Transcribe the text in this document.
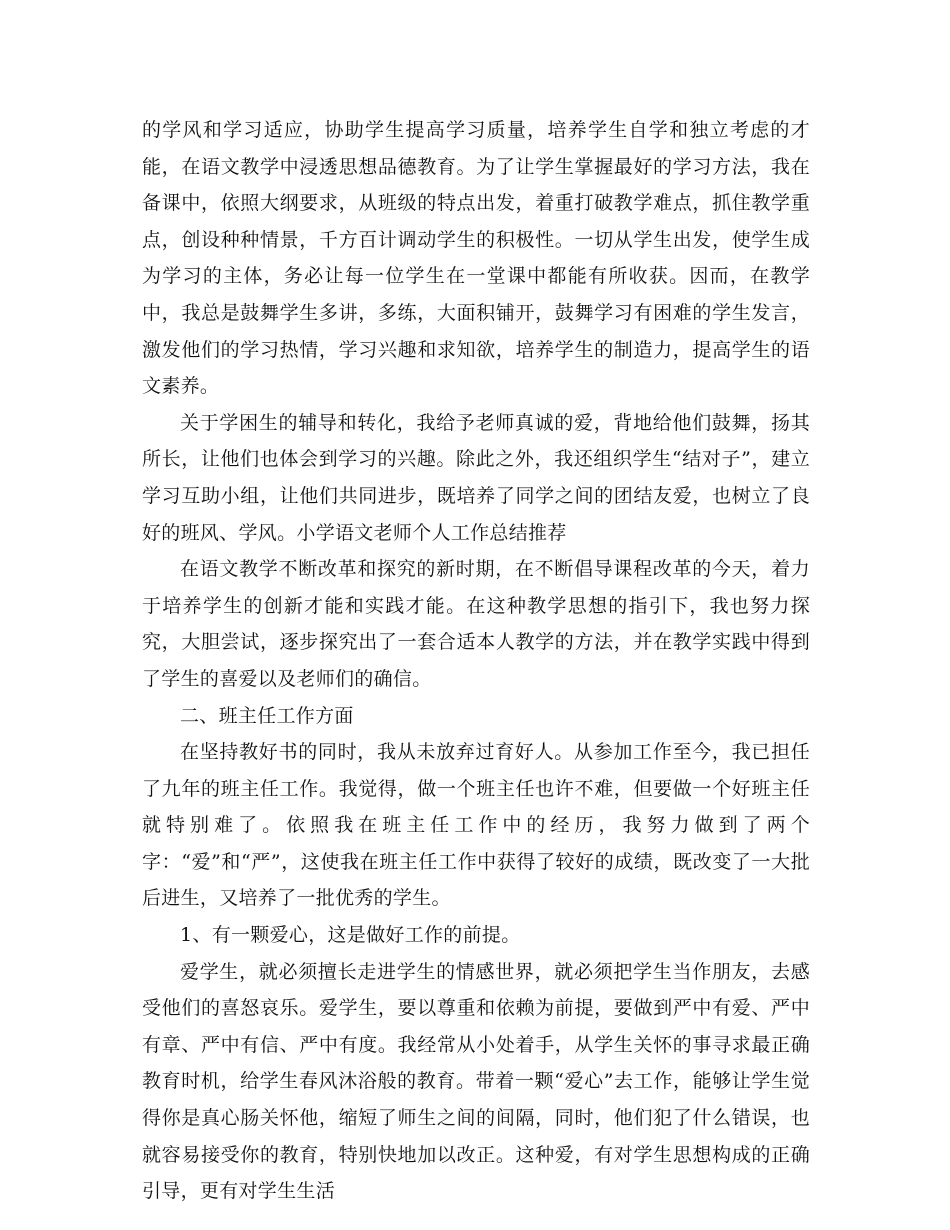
的学风和学习适应，协助学生提高学习质量，培养学生自学和独立考虑的才能，在语文教学中浸透思想品德教育。为了让学生掌握最好的学习方法，我在备课中，依照大纲要求，从班级的特点出发，着重打破教学难点，抓住教学重点，创设种种情景，千方百计调动学生的积极性。一切从学生出发，使学生成为学习的主体，务必让每一位学生在一堂课中都能有所收获。因而，在教学中，我总是鼓舞学生多讲，多练，大面积铺开，鼓舞学习有困难的学生发言，激发他们的学习热情，学习兴趣和求知欲，培养学生的制造力，提高学生的语文素养。

关于学困生的辅导和转化，我给予老师真诚的爱，背地给他们鼓舞，扬其所长，让他们也体会到学习的兴趣。除此之外，我还组织学生“结对子”，建立学习互助小组，让他们共同进步，既培养了同学之间的团结友爱，也树立了良好的班风、学风。小学语文老师个人工作总结推荐

在语文教学不断改革和探究的新时期，在不断倡导课程改革的今天，着力于培养学生的创新才能和实践才能。在这种教学思想的指引下，我也努力探究，大胆尝试，逐步探究出了一套合适本人教学的方法，并在教学实践中得到了学生的喜爱以及老师们的确信。

二、班主任工作方面

在坚持教好书的同时，我从未放弃过育好人。从参加工作至今，我已担任了九年的班主任工作。我觉得，做一个班主任也许不难，但要做一个好班主任就特别难了。依照我在班主任工作中的经历，我努力做到了两个字：“爱”和“严”，这使我在班主任工作中获得了较好的成绩，既改变了一大批后进生，又培养了一批优秀的学生。

1、有一颗爱心，这是做好工作的前提。

爱学生，就必须擅长走进学生的情感世界，就必须把学生当作朋友，去感受他们的喜怒哀乐。爱学生，要以尊重和依赖为前提，要做到严中有爱、严中有章、严中有信、严中有度。我经常从小处着手，从学生关怀的事寻求最正确教育时机，给学生春风沐浴般的教育。带着一颗“爱心”去工作，能够让学生觉得你是真心肠关怀他，缩短了师生之间的间隔，同时，他们犯了什么错误，也就容易接受你的教育，特别快地加以改正。这种爱，有对学生思想构成的正确引导，更有对学生生活
